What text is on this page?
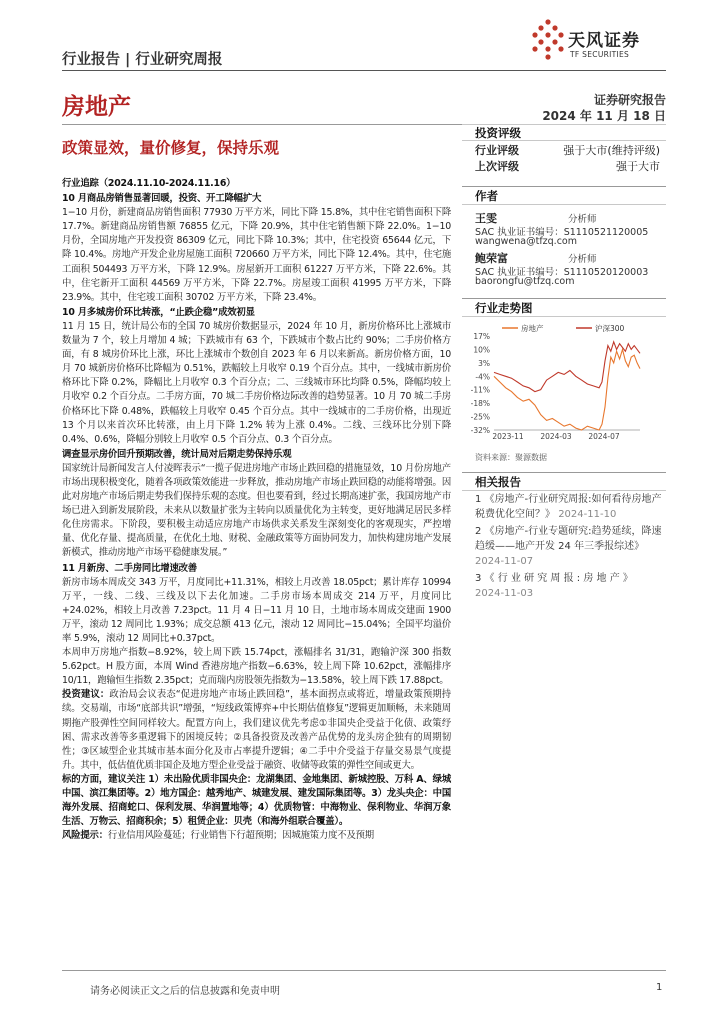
行业报告 | 行业研究周报
天风证券
TF SECURITIES
房地产	证券研究报告
2024 年 11 月 18 日
政策显效，量价修复，保持乐观
投资评级
行业评级	强于大市(维持评级)
上次评级	强于大市
作者
王雯	分析师
SAC 执业证书编号：S1110521120005
wangwena@tfzq.com
鲍荣富	分析师
SAC 执业证书编号：S1110520120003
baorongfu@tfzq.com
行业走势图
17%
10%
3%
-4%
-11%
-18%
-25%
-32%
2023-11 2024-03 2024-07
房地产	沪深300
资料来源：聚源数据
相关报告

1 《房地产-行业研究周报:如何看待房地产税费优化空间？》 2024-11-10

2 《房地产-行业专题研究:趋势延续，降速趋缓——地产开发 24 年三季报综述》 2024-11-07

3 《 行 业 研 究 周 报 : 房 地 产 》
2024-11-03

行业追踪（2024.11.10-2024.11.16）

10 月商品房销售显著回暖，投资、开工降幅扩大

1−10 月份，新建商品房销售面积 77930 万平方米，同比下降 15.8%，其中住宅销售面积下降 17.7%。新建商品房销售额 76855 亿元，下降 20.9%，其中住宅销售额下降 22.0%。1−10 月份，全国房地产开发投资 86309 亿元，同比下降 10.3%；其中，住宅投资 65644 亿元，下降 10.4%。房地产开发企业房屋施工面积 720660 万平方米，同比下降 12.4%。其中，住宅施工面积 504493 万平方米，下降 12.9%。房屋新开工面积 61227 万平方米，下降 22.6%。其中，住宅新开工面积 44569 万平方米，下降 22.7%。房屋竣工面积 41995 万平方米，下降 23.9%。其中，住宅竣工面积 30702 万平方米，下降 23.4%。

10 月多城房价环比转涨，“止跌企稳”成效初显

11 月 15 日，统计局公布的全国 70 城房价数据显示，2024 年 10 月，新房价格环比上涨城市数量为 7 个，较上月增加 4 城；下跌城市有 63 个，下跌城市个数占比约 90%；二手房价格方面，有 8 城房价环比上涨，环比上涨城市个数创自 2023 年 6 月以来新高。新房价格方面，10 月 70 城新房价格环比降幅为 0.51%，跌幅较上月收窄 0.19 个百分点。其中，一线城市新房价格环比下降 0.2%，降幅比上月收窄 0.3 个百分点；二、三线城市环比均降 0.5%，降幅均较上月收窄 0.2 个百分点。二手房方面，70 城二手房价格边际改善的趋势显著。10 月 70 城二手房价格环比下降 0.48%，跌幅较上月收窄 0.45 个百分点。其中一线城市的二手房价格，出现近 13 个月以来首次环比转涨，由上月下降 1.2% 转为上涨 0.4%。二线、三线环比分别下降 0.4%、0.6%，降幅分别较上月收窄 0.5 个百分点、0.3 个百分点。

调查显示房价回升预期改善，统计局对后期走势保持乐观

国家统计局新闻发言人付凌晖表示“一揽子促进房地产市场止跌回稳的措施显效，10 月份房地产市场出现积极变化，随着各项政策效能进一步释放，推动房地产市场止跌回稳的动能将增强。因此对房地产市场后期走势我们保持乐观的态度。但也要看到，经过长期高速扩张，我国房地产市场已进入到新发展阶段，未来从以数量扩张为主转向以质量优化为主转变，更好地满足居民多样化住房需求。下阶段，要积极主动适应房地产市场供求关系发生深刻变化的客观现实，严控增量、优化存量、提高质量，在优化土地、财税、金融政策等方面协同发力，加快构建房地产发展新模式，推动房地产市场平稳健康发展。”

11 月新房、二手房同比增速改善

新房市场本周成交 343 万平，月度同比+11.31%，相较上月改善 18.05pct；累计库存 10994 万平，一线、二线、三线及以下去化加速。二手房市场本周成交 214 万平，月度同比+24.02%，相较上月改善 7.23pct。11 月 4 日−11 月 10 日，土地市场本周成交建面 1900 万平，滚动 12 周同比 1.93%；成交总额 413 亿元，滚动 12 周同比−15.04%；全国平均溢价率 5.9%，滚动 12 周同比+0.37pct。

本周申万房地产指数−8.92%，较上周下跌 15.74pct，涨幅排名 31/31，跑输沪深 300 指数 5.62pct。H 股方面，本周 Wind 香港房地产指数−6.63%，较上周下降 10.62pct，涨幅排序 10/11，跑输恒生指数 2.35pct；克而瑞内房股领先指数为−13.58%，较上周下跌 17.88pct。

投资建议：政治局会议表态“促进房地产市场止跌回稳”，基本面拐点或将近，增量政策预期持续。交易端，市场“底部共识”增强，“短线政策博弈+中长期估值修复”逻辑更加顺畅，未来随周期拖产股弹性空间同样较大。配置方向上，我们建议优先考虑①非国央企受益于化债、政策纾困、需求改善等多重逻辑下的困境反转；②具备投资及改善产品优势的龙头房企独有的周期韧性；③区域型企业其城市基本面分化及市占率提升逻辑；④二手中介受益于存量交易景气度提升。其中，低估值优质非国企及地方型企业受益于融资、收储等政策的弹性空间或更大。

标的方面，建议关注 1）未出险优质非国央企：龙湖集团、金地集团、新城控股、万科 A、绿城中国、滨江集团等。2）地方国企：越秀地产、城建发展、建发国际集团等。3）龙头央企：中国海外发展、招商蛇口、保利发展、华润置地等；4）优质物管：中海物业、保利物业、华润万象生活、万物云、招商积余；5）租赁企业：贝壳（和海外组联合覆盖）。

风险提示：行业信用风险蔓延；行业销售下行超预期；因城施策力度不及预期

请务必阅读正文之后的信息披露和免责申明	1
